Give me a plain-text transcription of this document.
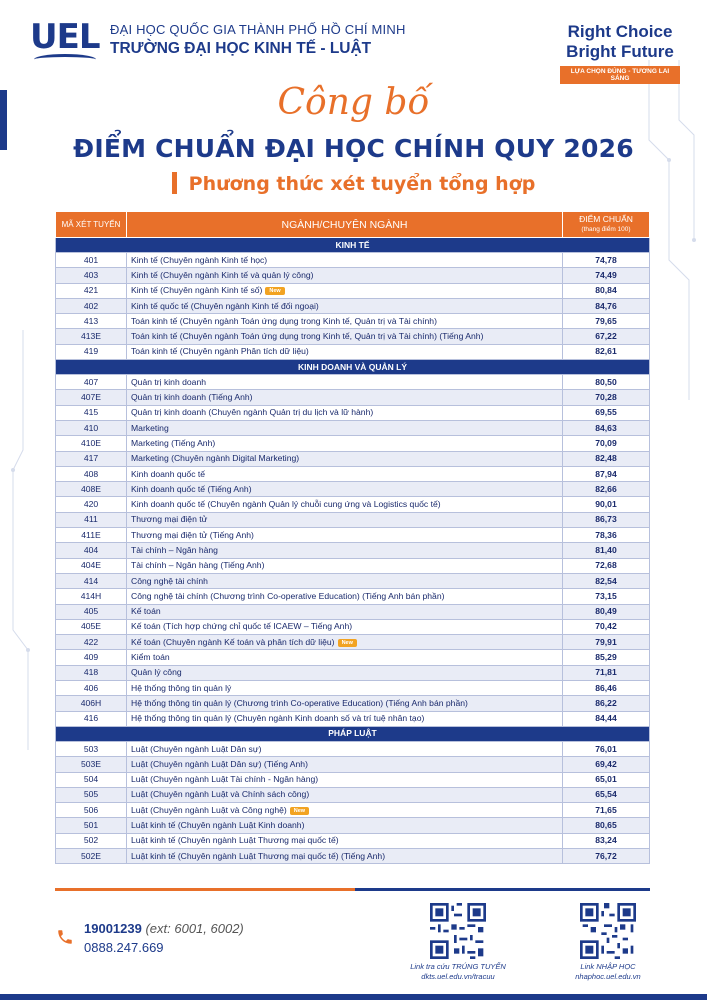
UEL ĐẠI HỌC QUỐC GIA THÀNH PHỐ HỒ CHÍ MINH
TRƯỜNG ĐẠI HỌC KINH TẾ - LUẬT
Right Choice
Bright Future
LỰA CHỌN ĐÚNG - TƯƠNG LAI SÁNG
Công bố
ĐIỂM CHUẨN ĐẠI HỌC CHÍNH QUY 2026
Phương thức xét tuyển tổng hợp
MÃ XÉT TUYỂN	NGÀNH/CHUYÊN NGÀNH	ĐIỂM CHUẨN
(thang điểm 100)
KINH TẾ		
401	Kinh tế (Chuyên ngành Kinh tế học)	74,78
403	Kinh tế (Chuyên ngành Kinh tế và quản lý công)	74,49
421	Kinh tế (Chuyên ngành Kinh tế số) New	80,84
402	Kinh tế quốc tế (Chuyên ngành Kinh tế đối ngoại)	84,76
413	Toán kinh tế (Chuyên ngành Toán ứng dụng trong Kinh tế, Quản trị và Tài chính)	79,65
413E	Toán kinh tế (Chuyên ngành Toán ứng dụng trong Kinh tế, Quản trị và Tài chính) (Tiếng Anh)	67,22
419	Toán kinh tế (Chuyên ngành Phân tích dữ liệu)	82,61
KINH DOANH VÀ QUẢN LÝ		
407	Quản trị kinh doanh	80,50
407E	Quản trị kinh doanh (Tiếng Anh)	70,28
415	Quản trị kinh doanh (Chuyên ngành Quản trị du lịch và lữ hành)	69,55
410	Marketing	84,63
410E	Marketing (Tiếng Anh)	70,09
417	Marketing (Chuyên ngành Digital Marketing)	82,48
408	Kinh doanh quốc tế	87,94
408E	Kinh doanh quốc tế (Tiếng Anh)	82,66
420	Kinh doanh quốc tế (Chuyên ngành Quản lý chuỗi cung ứng và Logistics quốc tế)	90,01
411	Thương mại điện tử	86,73
411E	Thương mại điện tử (Tiếng Anh)	78,36
404	Tài chính – Ngân hàng	81,40
404E	Tài chính – Ngân hàng (Tiếng Anh)	72,68
414	Công nghệ tài chính	82,54
414H	Công nghệ tài chính (Chương trình Co-operative Education) (Tiếng Anh bán phần)	73,15
405	Kế toán	80,49
405E	Kế toán (Tích hợp chứng chỉ quốc tế ICAEW – Tiếng Anh)	70,42
422	Kế toán (Chuyên ngành Kế toán và phân tích dữ liệu) New	79,91
409	Kiểm toán	85,29
418	Quản lý công	71,81
406	Hệ thống thông tin quản lý	86,46
406H	Hệ thống thông tin quản lý (Chương trình Co-operative Education) (Tiếng Anh bán phần)	86,22
416	Hệ thống thông tin quản lý (Chuyên ngành Kinh doanh số và trí tuệ nhân tạo)	84,44
PHÁP LUẬT		
503	Luật (Chuyên ngành Luật Dân sự)	76,01
503E	Luật (Chuyên ngành Luật Dân sự) (Tiếng Anh)	69,42
504	Luật (Chuyên ngành Luật Tài chính - Ngân hàng)	65,01
505	Luật (Chuyên ngành Luật và Chính sách công)	65,54
506	Luật (Chuyên ngành Luật và Công nghệ) New	71,65
501	Luật kinh tế (Chuyên ngành Luật Kinh doanh)	80,65
502	Luật kinh tế (Chuyên ngành Luật Thương mại quốc tế)	83,24
502E	Luật kinh tế (Chuyên ngành Luật Thương mại quốc tế) (Tiếng Anh)	76,72
19001239 (ext: 6001, 6002)
0888.247.669
Link tra cứu TRÚNG TUYỂN
dkts.uel.edu.vn/tracuu
Link NHẬP HỌC
nhaphoc.uel.edu.vn
